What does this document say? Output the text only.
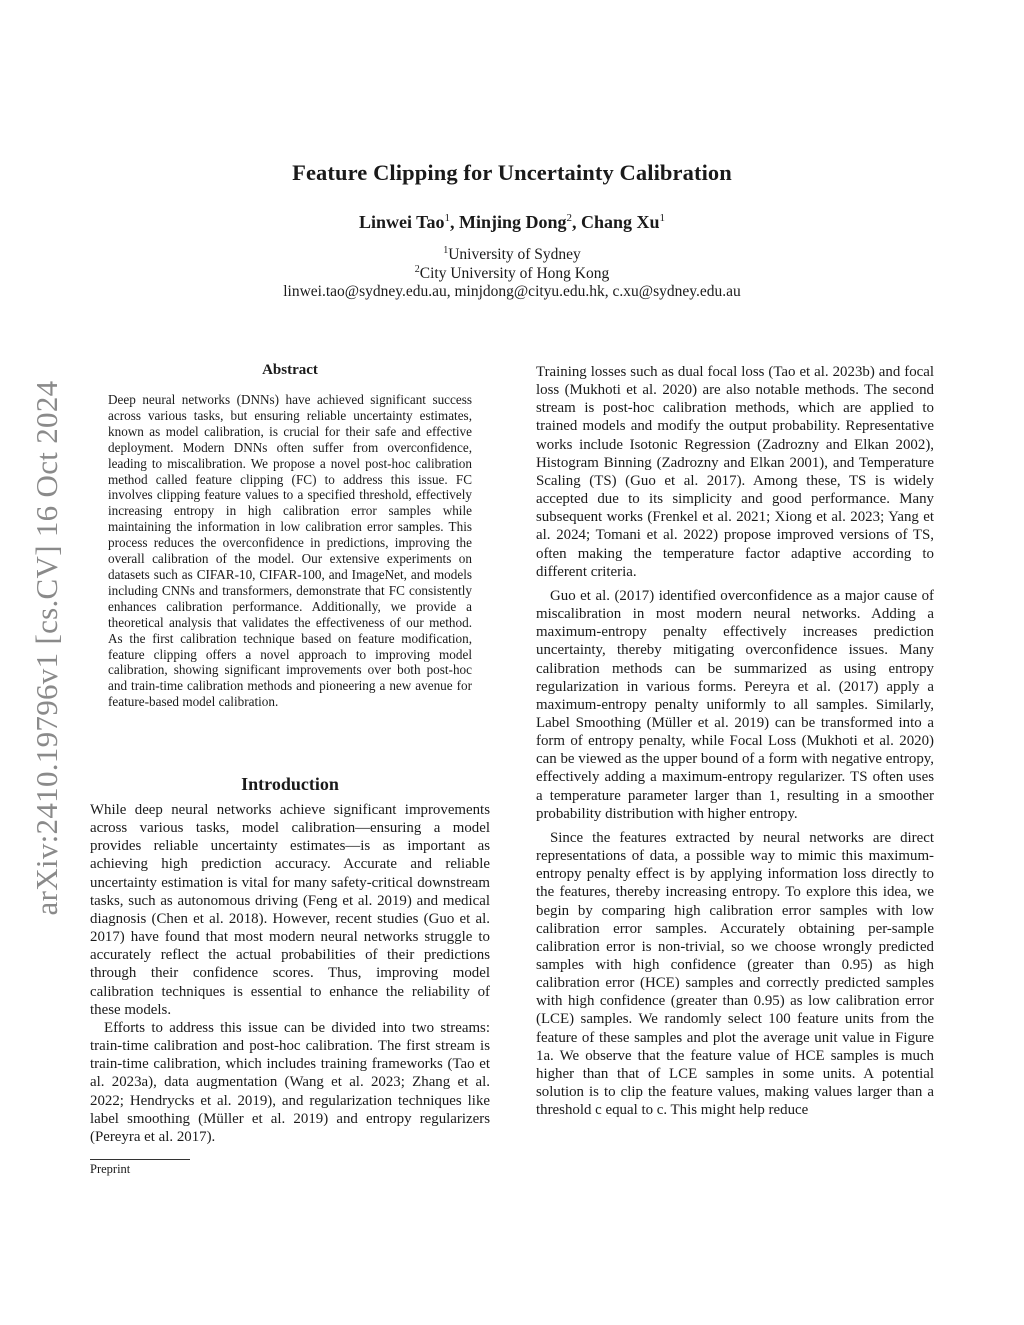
arXiv:2410.19796v1 [cs.CV] 16 Oct 2024
Feature Clipping for Uncertainty Calibration
Linwei Tao$^1$, Minjing Dong$^2$, Chang Xu$^1$
$^1$University of Sydney
$^2$City University of Hong Kong
linwei.tao@sydney.edu.au, minjdong@cityu.edu.hk, c.xu@sydney.edu.au
Abstract

Deep neural networks (DNNs) have achieved significant success across various tasks, but ensuring reliable uncertainty estimates, known as model calibration, is crucial for their safe and effective deployment. Modern DNNs often suffer from overconfidence, leading to miscalibration. We propose a novel post-hoc calibration method called feature clipping (FC) to address this issue. FC involves clipping feature values to a specified threshold, effectively increasing entropy in high calibration error samples while maintaining the information in low calibration error samples. This process reduces the overconfidence in predictions, improving the overall calibration of the model. Our extensive experiments on datasets such as CIFAR-10, CIFAR-100, and ImageNet, and models including CNNs and transformers, demonstrate that FC consistently enhances calibration performance. Additionally, we provide a theoretical analysis that validates the effectiveness of our method. As the first calibration technique based on feature modification, feature clipping offers a novel approach to improving model calibration, showing significant improvements over both post-hoc and train-time calibration methods and pioneering a new avenue for feature-based model calibration.

Introduction

While deep neural networks achieve significant improvements across various tasks, model calibration—ensuring a model provides reliable uncertainty estimates—is as important as achieving high prediction accuracy. Accurate and reliable uncertainty estimation is vital for many safety-critical downstream tasks, such as autonomous driving (Feng et al. 2019) and medical diagnosis (Chen et al. 2018). However, recent studies (Guo et al. 2017) have found that most modern neural networks struggle to accurately reflect the actual probabilities of their predictions through their confidence scores. Thus, improving model calibration techniques is essential to enhance the reliability of these models.

Efforts to address this issue can be divided into two streams: train-time calibration and post-hoc calibration. The first stream is train-time calibration, which includes training frameworks (Tao et al. 2023a), data augmentation (Wang et al. 2023; Zhang et al. 2022; Hendrycks et al. 2019), and regularization techniques like label smoothing (Müller et al. 2019) and entropy regularizers (Pereyra et al. 2017).

Preprint

Training losses such as dual focal loss (Tao et al. 2023b) and focal loss (Mukhoti et al. 2020) are also notable methods. The second stream is post-hoc calibration methods, which are applied to trained models and modify the output probability. Representative works include Isotonic Regression (Zadrozny and Elkan 2002), Histogram Binning (Zadrozny and Elkan 2001), and Temperature Scaling (TS) (Guo et al. 2017). Among these, TS is widely accepted due to its simplicity and good performance. Many subsequent works (Frenkel et al. 2021; Xiong et al. 2023; Yang et al. 2024; Tomani et al. 2022) propose improved versions of TS, often making the temperature factor adaptive according to different criteria.

Guo et al. (2017) identified overconfidence as a major cause of miscalibration in most modern neural networks. Adding a maximum-entropy penalty effectively increases prediction uncertainty, thereby mitigating overconfidence issues. Many calibration methods can be summarized as using entropy regularization in various forms. Pereyra et al. (2017) apply a maximum-entropy penalty uniformly to all samples. Similarly, Label Smoothing (Müller et al. 2019) can be transformed into a form of entropy penalty, while Focal Loss (Mukhoti et al. 2020) can be viewed as the upper bound of a form with negative entropy, effectively adding a maximum-entropy regularizer. TS often uses a temperature parameter larger than 1, resulting in a smoother probability distribution with higher entropy.

Since the features extracted by neural networks are direct representations of data, a possible way to mimic this maximum-entropy penalty effect is by applying information loss directly to the features, thereby increasing entropy. To explore this idea, we begin by comparing high calibration error samples with low calibration error samples. Accurately obtaining per-sample calibration error is non-trivial, so we choose wrongly predicted samples with high confidence (greater than 0.95) as high calibration error (HCE) samples and correctly predicted samples with high confidence (greater than 0.95) as low calibration error (LCE) samples. We randomly select 100 feature units from the feature of these samples and plot the average unit value in Figure 1a. We observe that the feature value of HCE samples is much higher than that of LCE samples in some units. A potential solution is to clip the feature values, making values larger than a threshold c equal to c. This might help reduce
